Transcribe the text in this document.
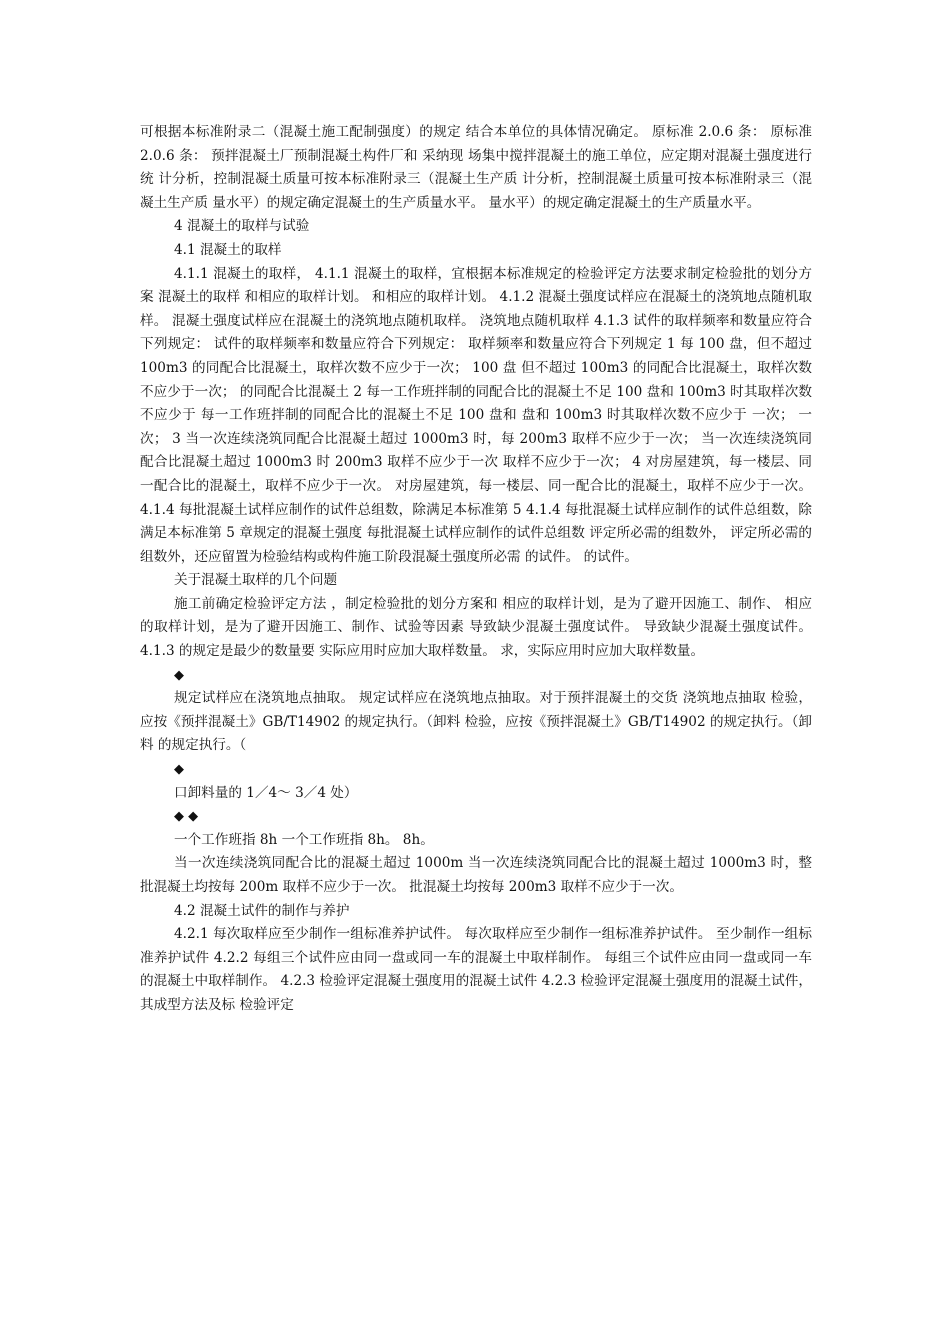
可根据本标准附录二（混凝土施工配制强度）的规定 结合本单位的具体情况确定。 原标准 2.0.6 条： 原标准 2.0.6 条： 预拌混凝土厂预制混凝土构件厂和 采纳现 场集中搅拌混凝土的施工单位，应定期对混凝土强度进行统 计分析，控制混凝土质量可按本标准附录三（混凝土生产质 计分析，控制混凝土质量可按本标准附录三（混凝土生产质 量水平）的规定确定混凝土的生产质量水平。 量水平）的规定确定混凝土的生产质量水平。

4 混凝土的取样与试验

4.1 混凝土的取样

4.1.1 混凝土的取样， 4.1.1 混凝土的取样，宜根据本标准规定的检验评定方法要求制定检验批的划分方案 混凝土的取样 和相应的取样计划。 和相应的取样计划。 4.1.2 混凝土强度试样应在混凝土的浇筑地点随机取样。 混凝土强度试样应在混凝土的浇筑地点随机取样。 浇筑地点随机取样 4.1.3 试件的取样频率和数量应符合下列规定： 试件的取样频率和数量应符合下列规定： 取样频率和数量应符合下列规定 1 每 100 盘，但不超过 100m3 的同配合比混凝土，取样次数不应少于一次； 100 盘 但不超过 100m3 的同配合比混凝土，取样次数不应少于一次； 的同配合比混凝土 2 每一工作班拌制的同配合比的混凝土不足 100 盘和 100m3 时其取样次数不应少于 每一工作班拌制的同配合比的混凝土不足 100 盘和 盘和 100m3 时其取样次数不应少于 一次； 一次； 3 当一次连续浇筑同配合比混凝土超过 1000m3 时，每 200m3 取样不应少于一次； 当一次连续浇筑同配合比混凝土超过 1000m3 时 200m3 取样不应少于一次 取样不应少于一次； 4 对房屋建筑，每一楼层、同一配合比的混凝土，取样不应少于一次。 对房屋建筑，每一楼层、同一配合比的混凝土，取样不应少于一次。 4.1.4 每批混凝土试样应制作的试件总组数，除满足本标准第 5 4.1.4 每批混凝土试样应制作的试件总组数，除满足本标准第 5 章规定的混凝土强度 每批混凝土试样应制作的试件总组数 评定所必需的组数外， 评定所必需的组数外，还应留置为检验结构或构件施工阶段混凝土强度所必需 的试件。 的试件。

关于混凝土取样的几个问题

施工前确定检验评定方法 ，制定检验批的划分方案和 相应的取样计划，是为了避开因施工、制作、 相应的取样计划，是为了避开因施工、制作、试验等因素 导致缺少混凝土强度试件。 导致缺少混凝土强度试件。4.1.3 的规定是最少的数量要 实际应用时应加大取样数量。 求，实际应用时应加大取样数量。

◆

规定试样应在浇筑地点抽取。 规定试样应在浇筑地点抽取。对于预拌混凝土的交货 浇筑地点抽取 检验，应按《预拌混凝土》GB/T14902 的规定执行。（卸料 检验，应按《预拌混凝土》GB/T14902 的规定执行。（卸料 的规定执行。（

◆

口卸料量的 1／4～ 3／4 处）

◆ ◆

一个工作班指 8h 一个工作班指 8h。 8h。

当一次连续浇筑同配合比的混凝土超过 1000m 当一次连续浇筑同配合比的混凝土超过 1000m3 时，整 批混凝土均按每 200m 取样不应少于一次。 批混凝土均按每 200m3 取样不应少于一次。

4.2 混凝土试件的制作与养护

4.2.1 每次取样应至少制作一组标准养护试件。 每次取样应至少制作一组标准养护试件。 至少制作一组标准养护试件 4.2.2 每组三个试件应由同一盘或同一车的混凝土中取样制作。 每组三个试件应由同一盘或同一车的混凝土中取样制作。 4.2.3 检验评定混凝土强度用的混凝土试件 4.2.3 检验评定混凝土强度用的混凝土试件，其成型方法及标 检验评定
